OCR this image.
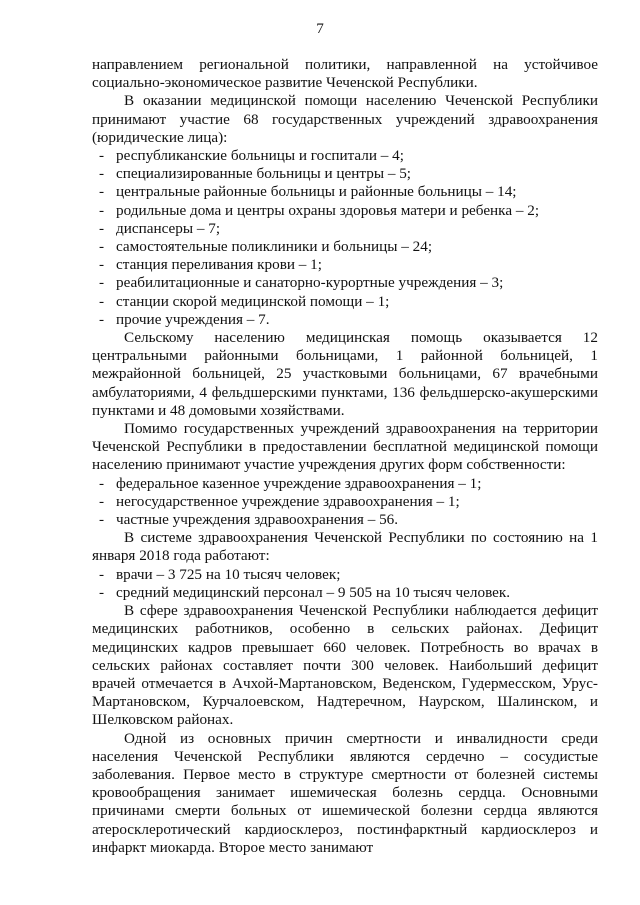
7

направлением региональной политики, направленной на устойчивое социально-экономическое развитие Чеченской Республики.

В оказании медицинской помощи населению Чеченской Республики принимают участие 68 государственных учреждений здравоохранения (юридические лица):

- республиканские больницы и госпитали – 4;
- специализированные больницы и центры – 5;
- центральные районные больницы и районные больницы – 14;
- родильные дома и центры охраны здоровья матери и ребенка – 2;
- диспансеры – 7;
- самостоятельные поликлиники и больницы – 24;
- станция переливания крови – 1;
- реабилитационные и санаторно-курортные учреждения – 3;
- станции скорой медицинской помощи – 1;
- прочие учреждения – 7.

Сельскому населению медицинская помощь оказывается 12 центральными районными больницами, 1 районной больницей, 1 межрайонной больницей, 25 участковыми больницами, 67 врачебными амбулаториями, 4 фельдшерскими пунктами, 136 фельдшерско-акушерскими пунктами и 48 домовыми хозяйствами.

Помимо государственных учреждений здравоохранения на территории Чеченской Республики в предоставлении бесплатной медицинской помощи населению принимают участие учреждения других форм собственности:

- федеральное казенное учреждение здравоохранения – 1;
- негосударственное учреждение здравоохранения – 1;
- частные учреждения здравоохранения – 56.

В системе здравоохранения Чеченской Республики по состоянию на 1 января 2018 года работают:

- врачи – 3 725 на 10 тысяч человек;
- средний медицинский персонал – 9 505 на 10 тысяч человек.

В сфере здравоохранения Чеченской Республики наблюдается дефицит медицинских работников, особенно в сельских районах. Дефицит медицинских кадров превышает 660 человек. Потребность во врачах в сельских районах составляет почти 300 человек. Наибольший дефицит врачей отмечается в Ачхой-Мартановском, Веденском, Гудермесском, Урус-Мартановском, Курчалоевском, Надтеречном, Наурском, Шалинском, и Шелковском районах.

Одной из основных причин смертности и инвалидности среди населения Чеченской Республики являются сердечно – сосудистые заболевания. Первое место в структуре смертности от болезней системы кровообращения занимает ишемическая болезнь сердца. Основными причинами смерти больных от ишемической болезни сердца являются атеросклеротический кардиосклероз, постинфарктный кардиосклероз и инфаркт миокарда. Второе место занимают
